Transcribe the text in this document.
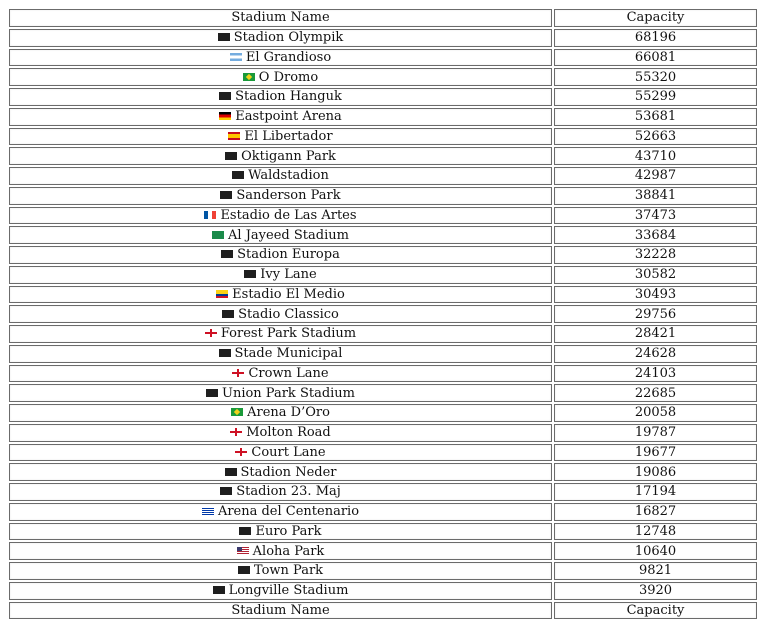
Stadium Name	Capacity
Stadion Olympik	68196
El Grandioso	66081
O Dromo	55320
Stadion Hanguk	55299
Eastpoint Arena	53681
El Libertador	52663
Oktigann Park	43710
Waldstadion	42987
Sanderson Park	38841
Estadio de Las Artes	37473
Al Jayeed Stadium	33684
Stadion Europa	32228
Ivy Lane	30582
Estadio El Medio	30493
Stadio Classico	29756
Forest Park Stadium	28421
Stade Municipal	24628
Crown Lane	24103
Union Park Stadium	22685
Arena D’Oro	20058
Molton Road	19787
Court Lane	19677
Stadion Neder	19086
Stadion 23. Maj	17194
Arena del Centenario	16827
Euro Park	12748
Aloha Park	10640
Town Park	9821
Longville Stadium	3920
Stadium Name	Capacity
